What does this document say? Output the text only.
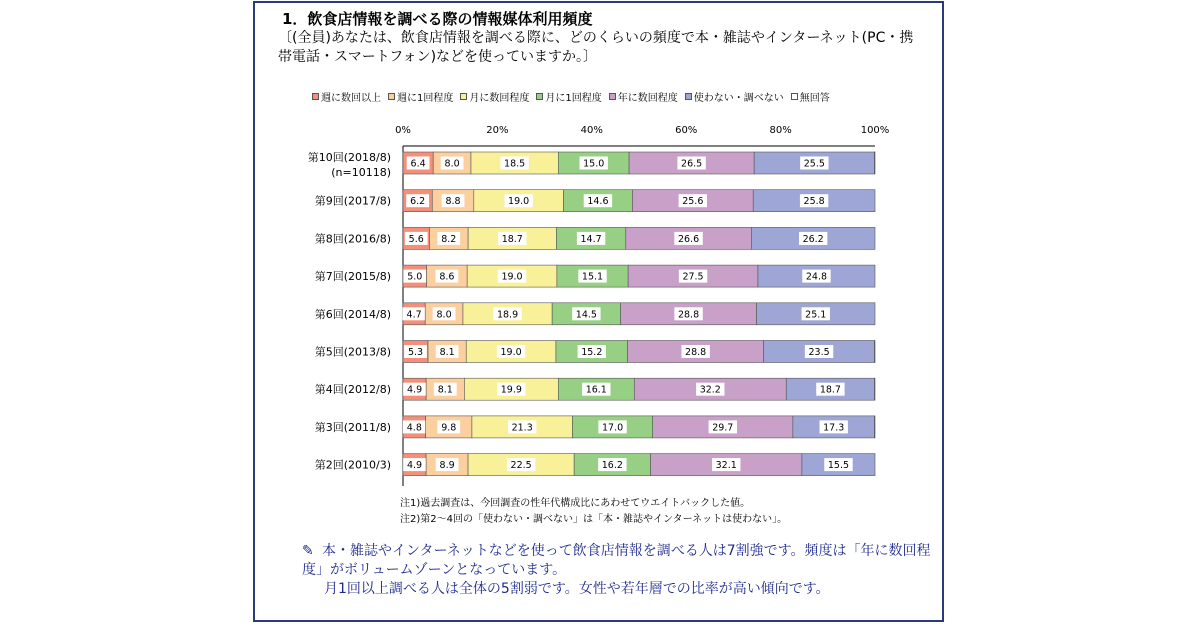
1．飲食店情報を調べる際の情報媒体利用頻度
〔(全員)あなたは、飲食店情報を調べる際に、どのくらいの頻度で本・雑誌やインターネット(PC・携帯電話・スマートフォン)などを使っていますか。〕
週に数回以上 週に1回程度 月に数回程度 月に1回程度 年に数回程度 使わない・調べない 無回答
0%	20%	40%	60%	80%	100%
第10回(2018/8)
(n=10118)
6.4 8.0	18.5	15.0	26.5	25.5
第9回(2017/8) 6.2 8.8	19.0	14.6	25.6	25.8
第8回(2016/8) 5.6 8.2	18.7	14.7	26.6	26.2
第7回(2015/8) 5.0 8.6	19.0	15.1	27.5	24.8
第6回(2014/8) 4.7 8.0	18.9	14.5	28.8	25.1
第5回(2013/8) 5.3 8.1	19.0	15.2	28.8	23.5
第4回(2012/8) 4.9 8.1	19.9	16.1	32.2	18.7
第3回(2011/8) 4.8 9.8	21.3	17.0	29.7	17.3
第2回(2010/3) 4.9 8.9	22.5	16.2	32.1	15.5
注1)過去調査は、今回調査の性年代構成比にあわせてウエイトバックした値。
注2)第2～4回の「使わない・調べない」は「本・雑誌やインターネットは使わない」。

✎ 本・雑誌やインターネットなどを使って飲食店情報を調べる人は7割強です。頻度は「年に数回程度」がボリュームゾーンとなっています。

月1回以上調べる人は全体の5割弱です。女性や若年層での比率が高い傾向です。
